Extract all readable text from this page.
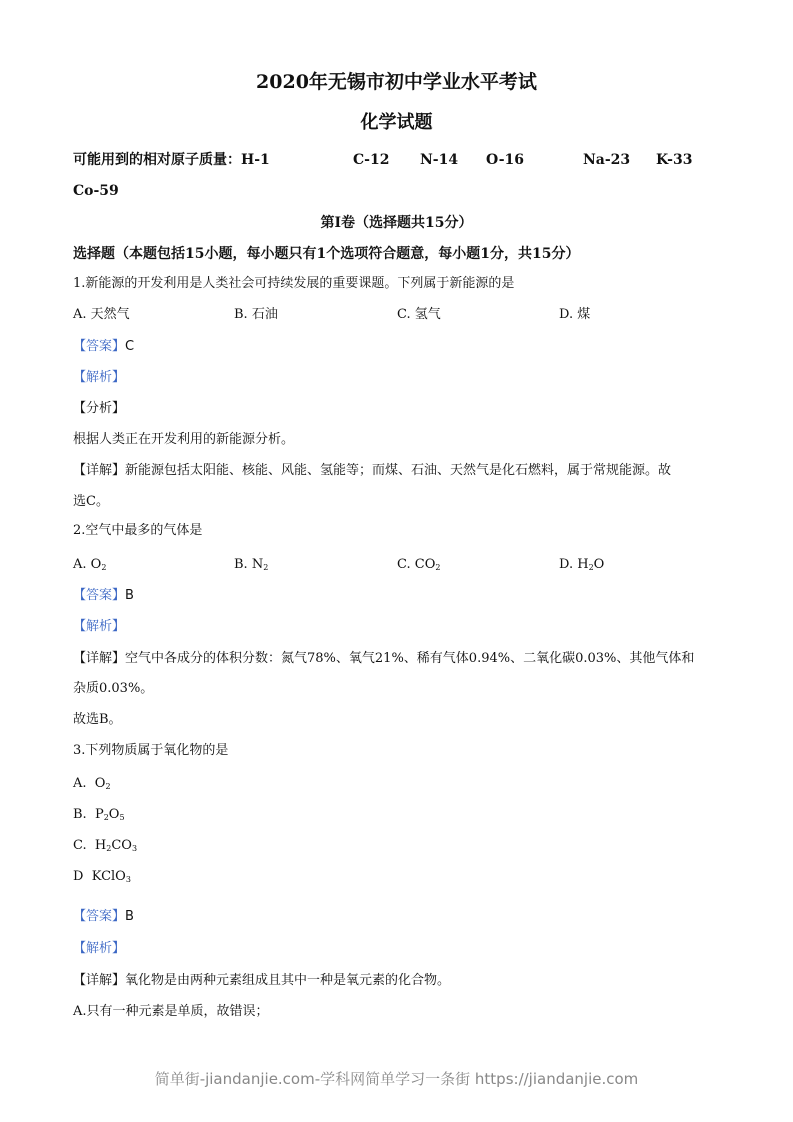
2020年无锡市初中学业水平考试
化学试题
可能用到的相对原子质量：H-1	C-12 N-14 O-16	Na-23 K-33
Co-59
第I卷（选择题共15分）
选择题（本题包括15小题，每小题只有1个选项符合题意，每小题1分，共15分）
1.新能源的开发利用是人类社会可持续发展的重要课题。下列属于新能源的是
A. 天然气	B. 石油	C. 氢气	D. 煤
【答案】C
【解析】
【分析】
根据人类正在开发利用的新能源分析。
【详解】新能源包括太阳能、核能、风能、氢能等；而煤、石油、天然气是化石燃料，属于常规能源。故
选C。
2.空气中最多的气体是
A. $O_2$	B. $N_2$	C. $CO_2$	D. $H_2O$
【答案】B
【解析】
【详解】空气中各成分的体积分数：氮气78%、氧气21%、稀有气体0.94%、二氧化碳0.03%、其他气体和
杂质0.03%。
故选B。
3.下列物质属于氧化物的是
A. $O_2$
B. $P_2O_5$
C. $H_2CO_3$
D KClO$_3$
【答案】B
【解析】
【详解】氧化物是由两种元素组成且其中一种是氧元素的化合物。
A.只有一种元素是单质，故错误；
简单街-jiandanjie.com-学科网简单学习一条街 https://jiandanjie.com
